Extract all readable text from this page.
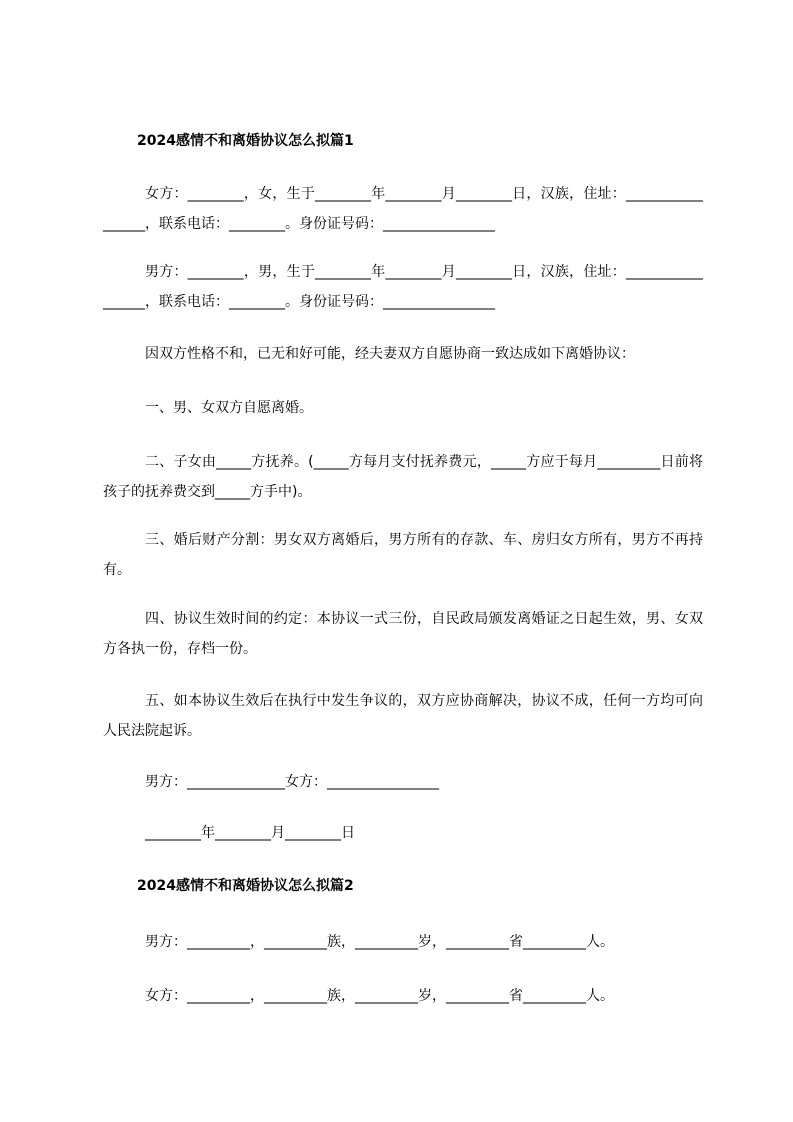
2024感情不和离婚协议怎么拟篇1
女方：________，女，生于________年________月________日，汉族，住址：_________________，联系电话：________。身份证号码：________________
男方：________，男，生于________年________月________日，汉族，住址：_________________，联系电话：________。身份证号码：________________
因双方性格不和，已无和好可能，经夫妻双方自愿协商一致达成如下离婚协议：
一、男、女双方自愿离婚。
二、子女由_____方抚养。(_____方每月支付抚养费元，_____方应于每月_________日前将孩子的抚养费交到_____方手中)。
三、婚后财产分割：男女双方离婚后，男方所有的存款、车、房归女方所有，男方不再持有。
四、协议生效时间的约定：本协议一式三份，自民政局颁发离婚证之日起生效，男、女双方各执一份，存档一份。
五、如本协议生效后在执行中发生争议的，双方应协商解决，协议不成，任何一方均可向人民法院起诉。
男方：______________女方：________________
________年________月________日
2024感情不和离婚协议怎么拟篇2
男方：_________，_________族，_________岁，_________省_________人。
女方：_________，_________族，_________岁，_________省_________人。
